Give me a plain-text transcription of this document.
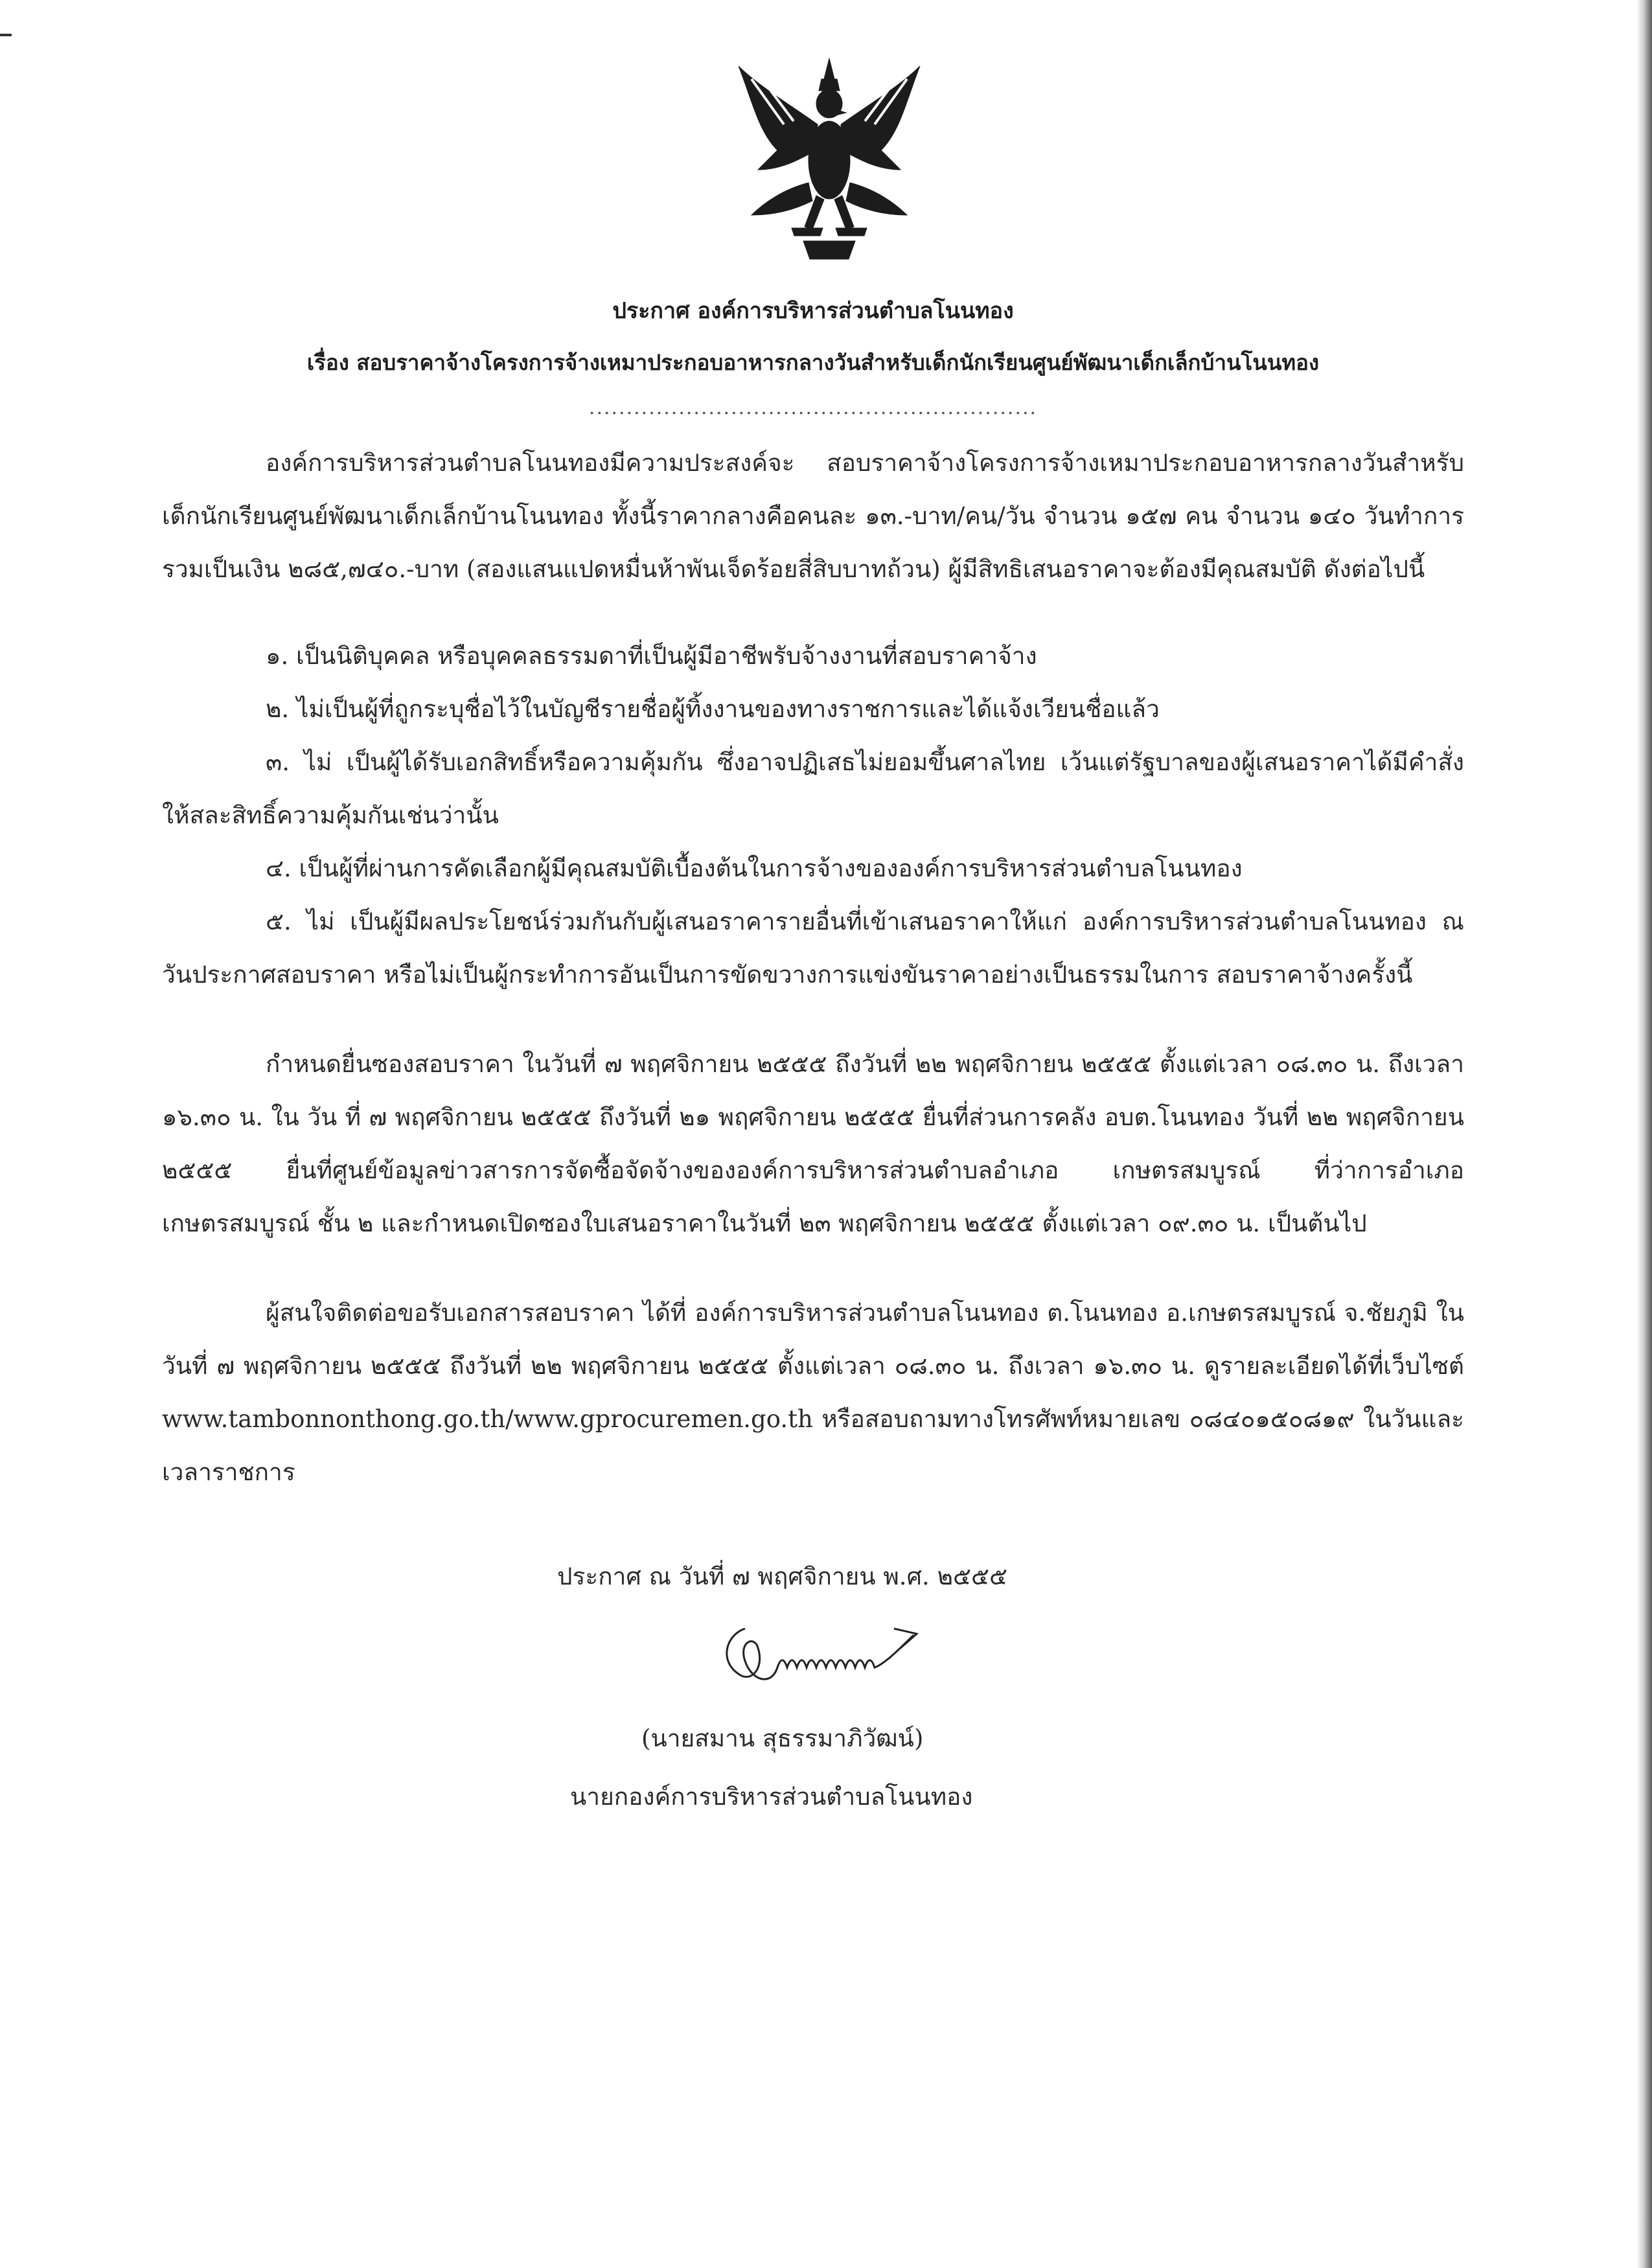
ประกาศ องค์การบริหารส่วนตำบลโนนทอง

เรื่อง สอบราคาจ้างโครงการจ้างเหมาประกอบอาหารกลางวันสำหรับเด็กนักเรียนศูนย์พัฒนาเด็กเล็กบ้านโนนทอง

............................................................

องค์การบริหารส่วนตำบลโนนทองมีความประสงค์จะ สอบราคาจ้างโครงการจ้างเหมาประกอบอาหารกลางวันสำหรับเด็กนักเรียนศูนย์พัฒนาเด็กเล็กบ้านโนนทอง ทั้งนี้ราคากลางคือคนละ ๑๓.-บาท/คน/วัน จำนวน ๑๕๗ คน จำนวน ๑๔๐ วันทำการ รวมเป็นเงิน ๒๘๕,๗๔๐.-บาท (สองแสนแปดหมื่นห้าพันเจ็ดร้อยสี่สิบบาทถ้วน) ผู้มีสิทธิเสนอราคาจะต้องมีคุณสมบัติ ดังต่อไปนี้

๑. เป็นนิติบุคคล หรือบุคคลธรรมดาที่เป็นผู้มีอาชีพรับจ้างงานที่สอบราคาจ้าง

๒. ไม่เป็นผู้ที่ถูกระบุชื่อไว้ในบัญชีรายชื่อผู้ทิ้งงานของทางราชการและได้แจ้งเวียนชื่อแล้ว

๓. ไม่ เป็นผู้ได้รับเอกสิทธิ์หรือความคุ้มกัน ซึ่งอาจปฏิเสธไม่ยอมขึ้นศาลไทย เว้นแต่รัฐบาลของผู้เสนอราคาได้มีคำสั่งให้สละสิทธิ์ความคุ้มกันเช่นว่านั้น

๔. เป็นผู้ที่ผ่านการคัดเลือกผู้มีคุณสมบัติเบื้องต้นในการจ้างขององค์การบริหารส่วนตำบลโนนทอง

๕. ไม่ เป็นผู้มีผลประโยชน์ร่วมกันกับผู้เสนอราคารายอื่นที่เข้าเสนอราคาให้แก่ องค์การบริหารส่วนตำบลโนนทอง ณ วันประกาศสอบราคา หรือไม่เป็นผู้กระทำการอันเป็นการขัดขวางการแข่งขันราคาอย่างเป็นธรรมในการ สอบราคาจ้างครั้งนี้

กำหนดยื่นซองสอบราคา ในวันที่ ๗ พฤศจิกายน ๒๕๕๕ ถึงวันที่ ๒๒ พฤศจิกายน ๒๕๕๕ ตั้งแต่เวลา ๐๘.๓๐ น. ถึงเวลา ๑๖.๓๐ น. ใน วัน ที่ ๗ พฤศจิกายน ๒๕๕๕ ถึงวันที่ ๒๑ พฤศจิกายน ๒๕๕๕ ยื่นที่ส่วนการคลัง อบต.โนนทอง วันที่ ๒๒ พฤศจิกายน ๒๕๕๕ ยื่นที่ศูนย์ข้อมูลข่าวสารการจัดซื้อจัดจ้างขององค์การบริหารส่วนตำบลอำเภอ เกษตรสมบูรณ์ ที่ว่าการอำเภอเกษตรสมบูรณ์ ชั้น ๒ และกำหนดเปิดซองใบเสนอราคาในวันที่ ๒๓ พฤศจิกายน ๒๕๕๕ ตั้งแต่เวลา ๐๙.๓๐ น. เป็นต้นไป

ผู้สนใจติดต่อขอรับเอกสารสอบราคา ได้ที่ องค์การบริหารส่วนตำบลโนนทอง ต.โนนทอง อ.เกษตรสมบูรณ์ จ.ชัยภูมิ ในวันที่ ๗ พฤศจิกายน ๒๕๕๕ ถึงวันที่ ๒๒ พฤศจิกายน ๒๕๕๕ ตั้งแต่เวลา ๐๘.๓๐ น. ถึงเวลา ๑๖.๓๐ น. ดูรายละเอียดได้ที่เว็บไซต์ www.tambonnonthong.go.th/www.gprocuremen.go.th หรือสอบถามทางโทรศัพท์หมายเลข ๐๘๔๐๑๕๐๘๑๙ ในวันและเวลาราชการ

ประกาศ ณ วันที่ ๗ พฤศจิกายน พ.ศ. ๒๕๕๕
(นายสมาน สุธรรมาภิวัฒน์)
นายกองค์การบริหารส่วนตำบลโนนทอง
